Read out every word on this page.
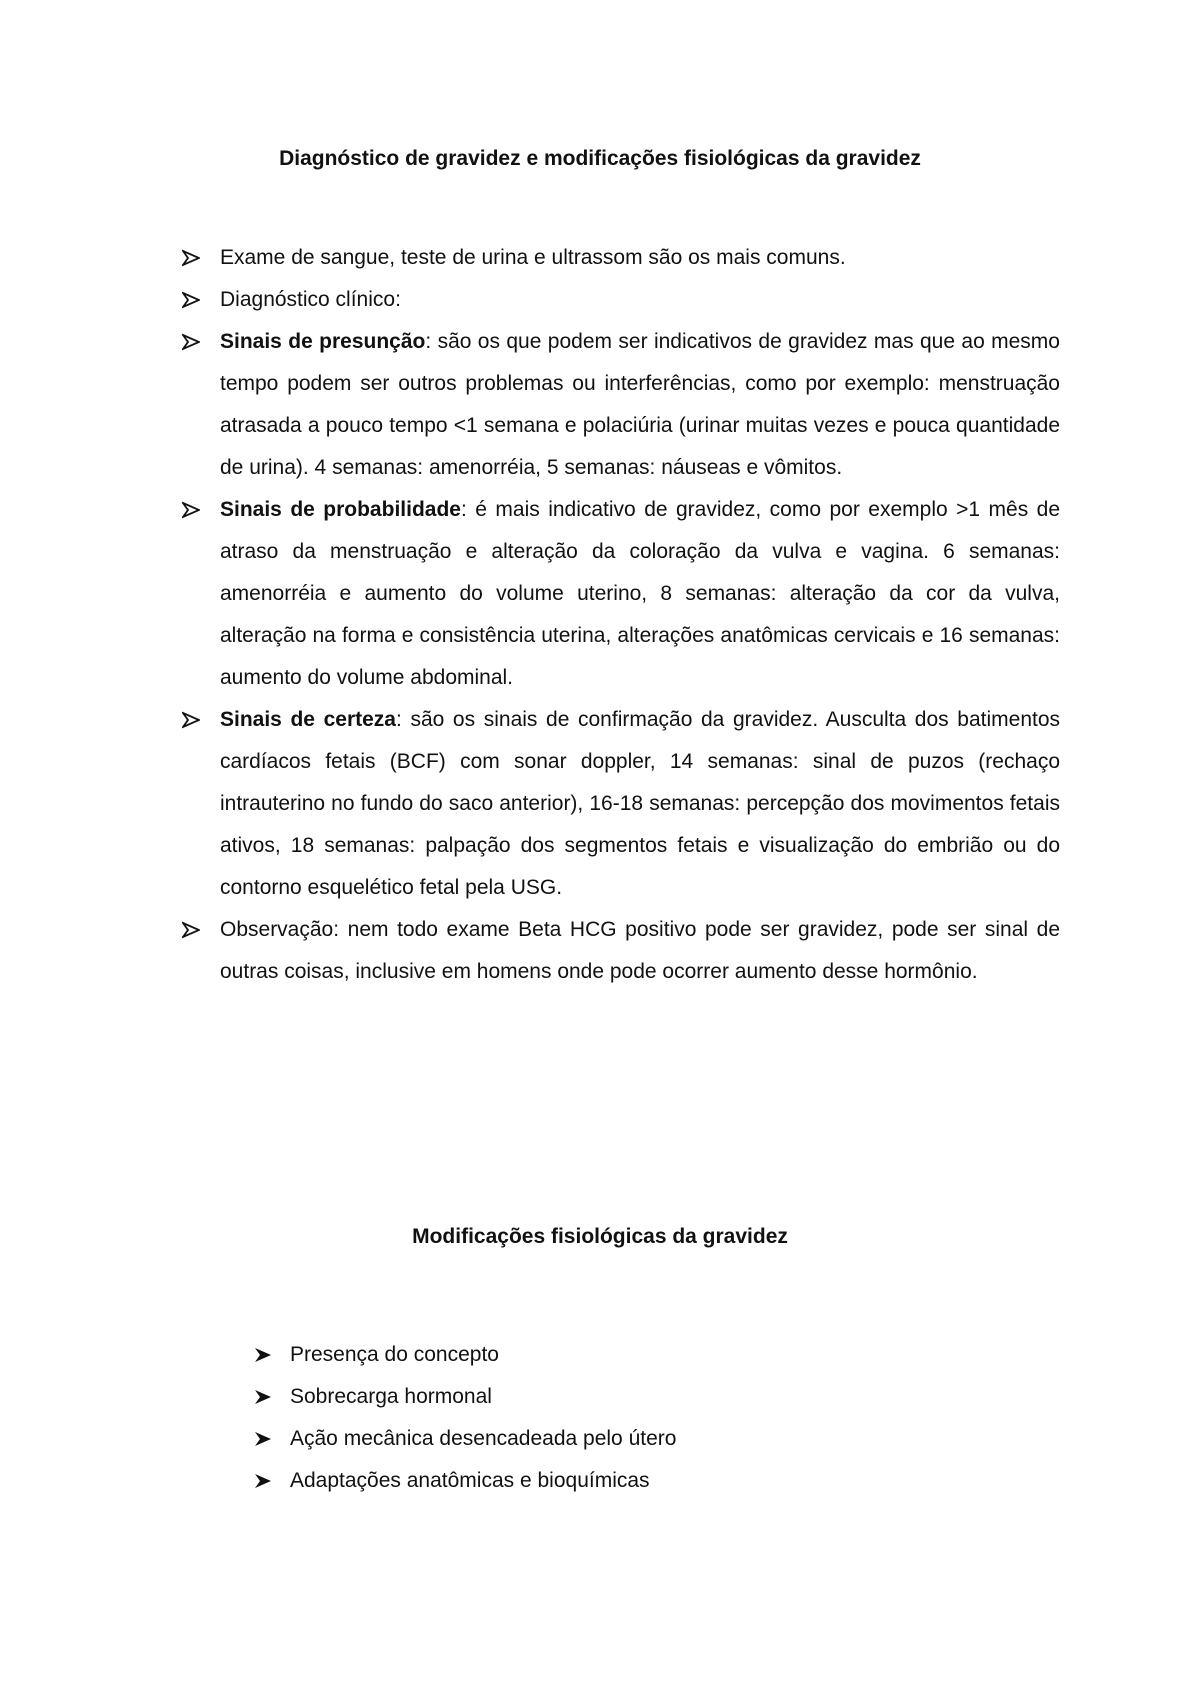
Diagnóstico de gravidez e modificações fisiológicas da gravidez
Exame de sangue, teste de urina e ultrassom são os mais comuns.
Diagnóstico clínico:
Sinais de presunção: são os que podem ser indicativos de gravidez mas que ao mesmo tempo podem ser outros problemas ou interferências, como por exemplo: menstruação atrasada a pouco tempo <1 semana e polaciúria (urinar muitas vezes e pouca quantidade de urina). 4 semanas: amenorréia, 5 semanas: náuseas e vômitos.
Sinais de probabilidade: é mais indicativo de gravidez, como por exemplo >1 mês de atraso da menstruação e alteração da coloração da vulva e vagina. 6 semanas: amenorréia e aumento do volume uterino, 8 semanas: alteração da cor da vulva, alteração na forma e consistência uterina, alterações anatômicas cervicais e 16 semanas: aumento do volume abdominal.
Sinais de certeza: são os sinais de confirmação da gravidez. Ausculta dos batimentos cardíacos fetais (BCF) com sonar doppler, 14 semanas: sinal de puzos (rechaço intrauterino no fundo do saco anterior), 16-18 semanas: percepção dos movimentos fetais ativos, 18 semanas: palpação dos segmentos fetais e visualização do embrião ou do contorno esquelético fetal pela USG.
Observação: nem todo exame Beta HCG positivo pode ser gravidez, pode ser sinal de outras coisas, inclusive em homens onde pode ocorrer aumento desse hormônio.
Modificações fisiológicas da gravidez
Presença do concepto
Sobrecarga hormonal
Ação mecânica desencadeada pelo útero
Adaptações anatômicas e bioquímicas
